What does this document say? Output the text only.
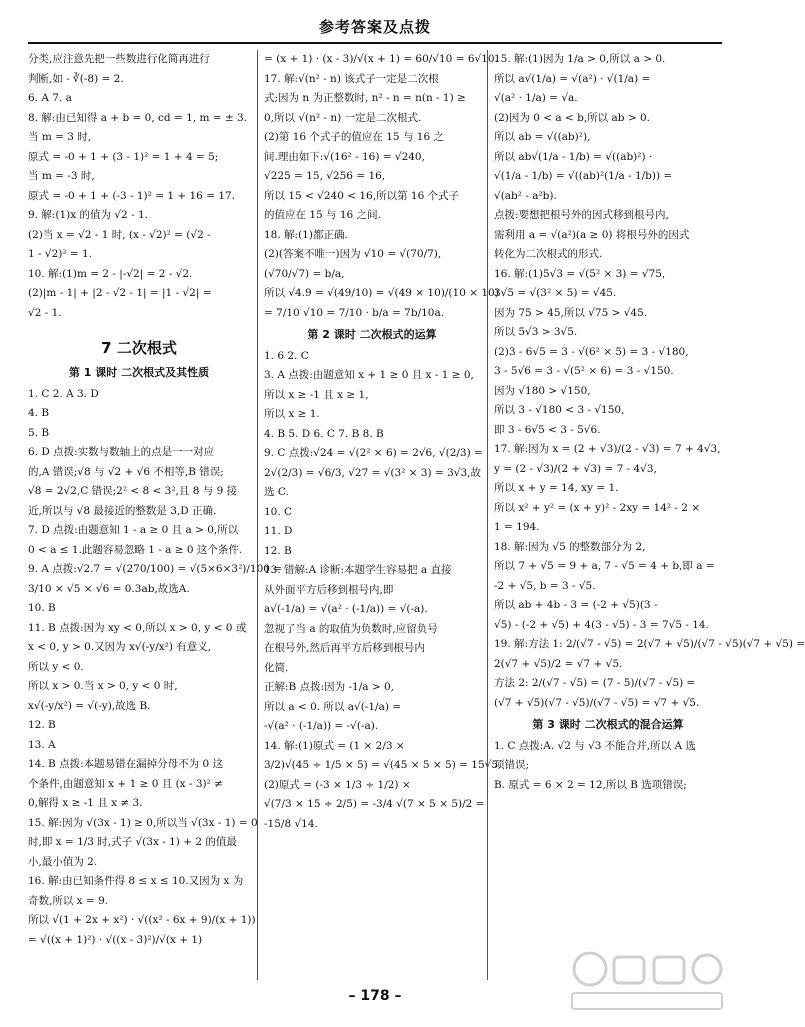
参考答案及点拨

分类,应注意先把一些数进行化简再进行

判断,如 - ∛(-8) = 2.

6. A 7. a

8. 解:由已知得 a + b = 0, cd = 1, m = ± 3.

当 m = 3 时,

原式 = -0 + 1 + (3 - 1)² = 1 + 4 = 5;

当 m = -3 时,

原式 = -0 + 1 + (-3 - 1)² = 1 + 16 = 17.

9. 解:(1)x 的值为 √2 - 1.

(2)当 x = √2 - 1 时, (x - √2)² = (√2 -

1 - √2)² = 1.

10. 解:(1)m = 2 - |-√2| = 2 - √2.

(2)|m - 1| + |2 - √2 - 1| = |1 - √2| =

√2 - 1.

7 二次根式

第 1 课时 二次根式及其性质

1. C 2. A 3. D

4. B

5. B

6. D 点拨:实数与数轴上的点是一一对应

的,A 错误;√8 与 √2 + √6 不相等,B 错误;

√8 = 2√2,C 错误;2² < 8 < 3²,且 8 与 9 接

近,所以与 √8 最接近的整数是 3,D 正确.

7. D 点拨:由题意知 1 - a ≥ 0 且 a > 0,所以

0 < a ≤ 1.此题容易忽略 1 - a ≥ 0 这个条件.

9. A 点拨:√2.7 = √(270/100) = √(5×6×3²)/100 =

3/10 × √5 × √6 = 0.3ab,故选A.

10. B

11. B 点拨:因为 xy < 0,所以 x > 0, y < 0 或

x < 0, y > 0.又因为 x√(-y/x²) 有意义,

所以 y < 0.

所以 x > 0.当 x > 0, y < 0 时,

x√(-y/x²) = √(-y),故选 B.

12. B

13. A

14. B 点拨:本题易错在漏掉分母不为 0 这

个条件,由题意知 x + 1 ≥ 0 且 (x - 3)² ≠

0,解得 x ≥ -1 且 x ≠ 3.

15. 解:因为 √(3x - 1) ≥ 0,所以当 √(3x - 1) = 0

时,即 x = 1/3 时,式子 √(3x - 1) + 2 的值最

小,最小值为 2.

16. 解:由已知条件得 8 ≤ x ≤ 10.又因为 x 为

奇数,所以 x = 9.

所以 √(1 + 2x + x²) · √((x² - 6x + 9)/(x + 1))

= √((x + 1)²) · √((x - 3)²)/√(x + 1)

= (x + 1) · (x - 3)/√(x + 1) = 60/√10 = 6√10.

17. 解:√(n² - n) 该式子一定是二次根

式;因为 n 为正整数时, n² - n = n(n - 1) ≥

0,所以 √(n² - n) 一定是二次根式.

(2)第 16 个式子的值应在 15 与 16 之

间.理由如下:√(16² - 16) = √240,

√225 = 15, √256 = 16,

所以 15 < √240 < 16,所以第 16 个式子

的值应在 15 与 16 之间.

18. 解:(1)都正确.

(2)(答案不唯一)因为 √10 = √(70/7),

(√70/√7) = b/a,

所以 √4.9 = √(49/10) = √(49 × 10)/(10 × 10)

= 7/10 √10 = 7/10 · b/a = 7b/10a.

第 2 课时 二次根式的运算

1. 6 2. C

3. A 点拨:由题意知 x + 1 ≥ 0 且 x - 1 ≥ 0,

所以 x ≥ -1 且 x ≥ 1,

所以 x ≥ 1.

4. B 5. D 6. C 7. B 8. B

9. C 点拨:√24 = √(2² × 6) = 2√6, √(2/3) =

2√(2/3) = √6/3, √27 = √(3² × 3) = 3√3,故

选 C.

10. C

11. D

12. B

13. 错解:A 诊断:本题学生容易把 a 直接

从外面平方后移到根号内,即

a√(-1/a) = √(a² · (-1/a)) = √(-a).

忽视了当 a 的取值为负数时,应留负号

在根号外,然后再平方后移到根号内

化简.

正解:B 点拨:因为 -1/a > 0,

所以 a < 0. 所以 a√(-1/a) =

-√(a² · (-1/a)) = -√(-a).

14. 解:(1)原式 = (1 × 2/3 ×

3/2)√(45 ÷ 1/5 × 5) = √(45 × 5 × 5) = 15√5.

(2)原式 = (-3 × 1/3 ÷ 1/2) ×

√(7/3 × 15 ÷ 2/5) = -3/4 √(7 × 5 × 5)/2 =

-15/8 √14.

15. 解:(1)因为 1/a > 0,所以 a > 0.

所以 a√(1/a) = √(a²) · √(1/a) =

√(a² · 1/a) = √a.

(2)因为 0 < a < b,所以 ab > 0.

所以 ab = √((ab)²),

所以 ab√(1/a - 1/b) = √((ab)²) ·

√(1/a - 1/b) = √((ab)²(1/a - 1/b)) =

√(ab² - a²b).

点拨:要想把根号外的因式移到根号内,

需利用 a = √(a²)(a ≥ 0) 将根号外的因式

转化为二次根式的形式.

16. 解:(1)5√3 = √(5² × 3) = √75,

3√5 = √(3² × 5) = √45.

因为 75 > 45,所以 √75 > √45.

所以 5√3 > 3√5.

(2)3 - 6√5 = 3 - √(6² × 5) = 3 - √180,

3 - 5√6 = 3 - √(5² × 6) = 3 - √150.

因为 √180 > √150,

所以 3 - √180 < 3 - √150,

即 3 - 6√5 < 3 - 5√6.

17. 解:因为 x = (2 + √3)/(2 - √3) = 7 + 4√3,

y = (2 - √3)/(2 + √3) = 7 - 4√3,

所以 x + y = 14, xy = 1.

所以 x² + y² = (x + y)² - 2xy = 14² - 2 ×

1 = 194.

18. 解:因为 √5 的整数部分为 2,

所以 7 + √5 = 9 + a, 7 - √5 = 4 + b,即 a =

-2 + √5, b = 3 - √5.

所以 ab + 4b - 3 = (-2 + √5)(3 -

√5) - (-2 + √5) + 4(3 - √5) - 3 = 7√5 - 14.

19. 解:方法 1: 2/(√7 - √5) = 2(√7 + √5)/(√7 - √5)(√7 + √5) =

2(√7 + √5)/2 = √7 + √5.

方法 2: 2/(√7 - √5) = (7 - 5)/(√7 - √5) =

(√7 + √5)(√7 - √5)/(√7 - √5) = √7 + √5.

第 3 课时 二次根式的混合运算

1. C 点拨:A. √2 与 √3 不能合并,所以 A 选

项错误;

B. 原式 = 6 × 2 = 12,所以 B 选项错误;

– 178 –
